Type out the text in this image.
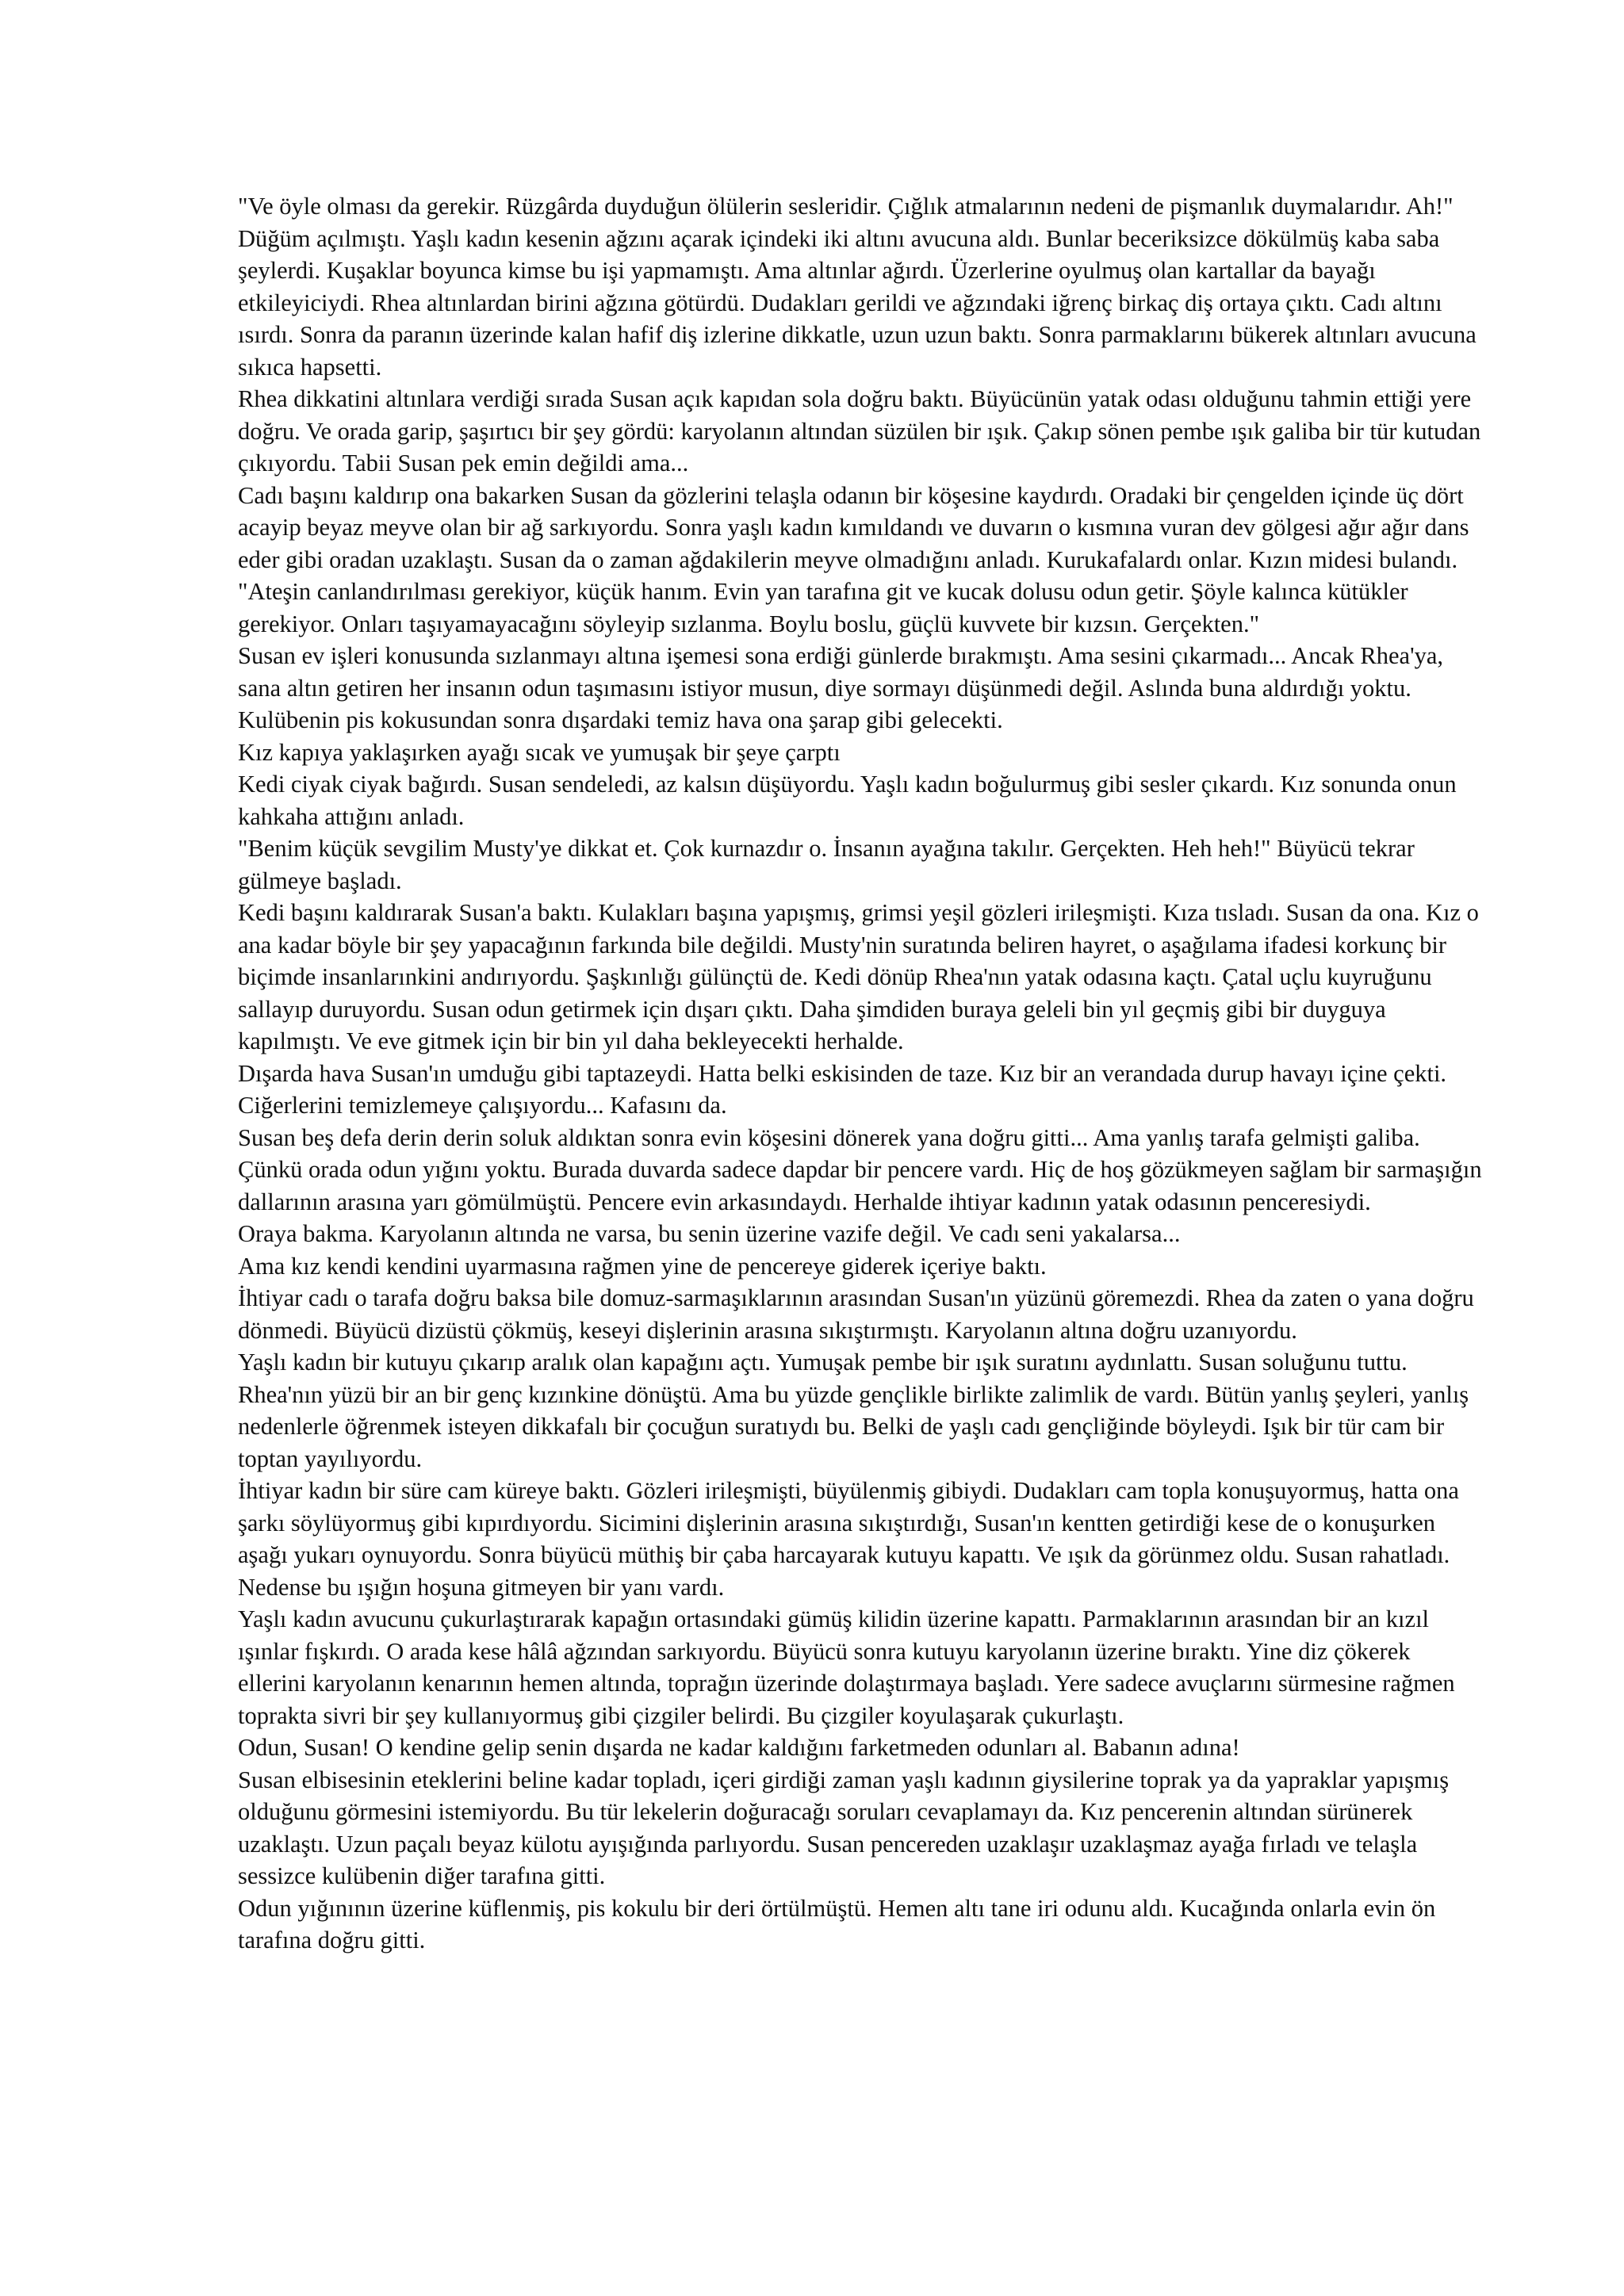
"Ve öyle olması da gerekir. Rüzgârda duyduğun ölülerin sesleridir. Çığlık atmalarının nedeni de pişmanlık duymalarıdır. Ah!"

Düğüm açılmıştı. Yaşlı kadın kesenin ağzını açarak içindeki iki altını avucuna aldı. Bunlar beceriksizce dökülmüş kaba saba şeylerdi. Kuşaklar boyunca kimse bu işi yapmamıştı. Ama altınlar ağırdı. Üzerlerine oyulmuş olan kartallar da bayağı etkileyiciydi. Rhea altınlardan birini ağzına götürdü. Dudakları gerildi ve ağzındaki iğrenç birkaç diş ortaya çıktı. Cadı altını ısırdı. Sonra da paranın üzerinde kalan hafif diş izlerine dikkatle, uzun uzun baktı. Sonra parmaklarını bükerek altınları avucuna sıkıca hapsetti.

Rhea dikkatini altınlara verdiği sırada Susan açık kapıdan sola doğru baktı. Büyücünün yatak odası olduğunu tahmin ettiği yere doğru. Ve orada garip, şaşırtıcı bir şey gördü: karyolanın altından süzülen bir ışık. Çakıp sönen pembe ışık galiba bir tür kutudan çıkıyordu. Tabii Susan pek emin değildi ama...

Cadı başını kaldırıp ona bakarken Susan da gözlerini telaşla odanın bir köşesine kaydırdı. Oradaki bir çengelden içinde üç dört acayip beyaz meyve olan bir ağ sarkıyordu. Sonra yaşlı kadın kımıldandı ve duvarın o kısmına vuran dev gölgesi ağır ağır dans eder gibi oradan uzaklaştı. Susan da o zaman ağdakilerin meyve olmadığını anladı. Kurukafalardı onlar. Kızın midesi bulandı.

"Ateşin canlandırılması gerekiyor, küçük hanım. Evin yan tarafına git ve kucak dolusu odun getir. Şöyle kalınca kütükler gerekiyor. Onları taşıyamayacağını söyleyip sızlanma. Boylu boslu, güçlü kuvvete bir kızsın. Gerçekten."

Susan ev işleri konusunda sızlanmayı altına işemesi sona erdiği günlerde bırakmıştı. Ama sesini çıkarmadı... Ancak Rhea'ya, sana altın getiren her insanın odun taşımasını istiyor musun, diye sormayı düşünmedi değil. Aslında buna aldırdığı yoktu. Kulübenin pis kokusundan sonra dışardaki temiz hava ona şarap gibi gelecekti.

Kız kapıya yaklaşırken ayağı sıcak ve yumuşak bir şeye çarptı

Kedi ciyak ciyak bağırdı. Susan sendeledi, az kalsın düşüyordu. Yaşlı kadın boğulurmuş gibi sesler çıkardı. Kız sonunda onun kahkaha attığını anladı.

"Benim küçük sevgilim Musty'ye dikkat et. Çok kurnazdır o. İnsanın ayağına takılır. Gerçekten. Heh heh!" Büyücü tekrar gülmeye başladı.

Kedi başını kaldırarak Susan'a baktı. Kulakları başına yapışmış, grimsi yeşil gözleri irileşmişti. Kıza tısladı. Susan da ona. Kız o ana kadar böyle bir şey yapacağının farkında bile değildi. Musty'nin suratında beliren hayret, o aşağılama ifadesi korkunç bir biçimde insanlarınkini andırıyordu. Şaşkınlığı gülünçtü de. Kedi dönüp Rhea'nın yatak odasına kaçtı. Çatal uçlu kuyruğunu sallayıp duruyordu. Susan odun getirmek için dışarı çıktı. Daha şimdiden buraya geleli bin yıl geçmiş gibi bir duyguya kapılmıştı. Ve eve gitmek için bir bin yıl daha bekleyecekti herhalde.

Dışarda hava Susan'ın umduğu gibi taptazeydi. Hatta belki eskisinden de taze. Kız bir an verandada durup havayı içine çekti. Ciğerlerini temizlemeye çalışıyordu... Kafasını da.

Susan beş defa derin derin soluk aldıktan sonra evin köşesini dönerek yana doğru gitti... Ama yanlış tarafa gelmişti galiba. Çünkü orada odun yığını yoktu. Burada duvarda sadece dapdar bir pencere vardı. Hiç de hoş gözükmeyen sağlam bir sarmaşığın dallarının arasına yarı gömülmüştü. Pencere evin arkasındaydı. Herhalde ihtiyar kadının yatak odasının penceresiydi.

Oraya bakma. Karyolanın altında ne varsa, bu senin üzerine vazife değil. Ve cadı seni yakalarsa...

Ama kız kendi kendini uyarmasına rağmen yine de pencereye giderek içeriye baktı.

İhtiyar cadı o tarafa doğru baksa bile domuz-sarmaşıklarının arasından Susan'ın yüzünü göremezdi. Rhea da zaten o yana doğru dönmedi. Büyücü dizüstü çökmüş, keseyi dişlerinin arasına sıkıştırmıştı. Karyolanın altına doğru uzanıyordu.

Yaşlı kadın bir kutuyu çıkarıp aralık olan kapağını açtı. Yumuşak pembe bir ışık suratını aydınlattı. Susan soluğunu tuttu. Rhea'nın yüzü bir an bir genç kızınkine dönüştü. Ama bu yüzde gençlikle birlikte zalimlik de vardı. Bütün yanlış şeyleri, yanlış nedenlerle öğrenmek isteyen dikkafalı bir çocuğun suratıydı bu. Belki de yaşlı cadı gençliğinde böyleydi. Işık bir tür cam bir toptan yayılıyordu.

İhtiyar kadın bir süre cam küreye baktı. Gözleri irileşmişti, büyülenmiş gibiydi. Dudakları cam topla konuşuyormuş, hatta ona şarkı söylüyormuş gibi kıpırdıyordu. Sicimini dişlerinin arasına sıkıştırdığı, Susan'ın kentten getirdiği kese de o konuşurken aşağı yukarı oynuyordu. Sonra büyücü müthiş bir çaba harcayarak kutuyu kapattı. Ve ışık da görünmez oldu. Susan rahatladı. Nedense bu ışığın hoşuna gitmeyen bir yanı vardı.

Yaşlı kadın avucunu çukurlaştırarak kapağın ortasındaki gümüş kilidin üzerine kapattı. Parmaklarının arasından bir an kızıl ışınlar fışkırdı. O arada kese hâlâ ağzından sarkıyordu. Büyücü sonra kutuyu karyolanın üzerine bıraktı. Yine diz çökerek ellerini karyolanın kenarının hemen altında, toprağın üzerinde dolaştırmaya başladı. Yere sadece avuçlarını sürmesine rağmen toprakta sivri bir şey kullanıyormuş gibi çizgiler belirdi. Bu çizgiler koyulaşarak çukurlaştı.

Odun, Susan! O kendine gelip senin dışarda ne kadar kaldığını farketmeden odunları al. Babanın adına!

Susan elbisesinin eteklerini beline kadar topladı, içeri girdiği zaman yaşlı kadının giysilerine toprak ya da yapraklar yapışmış olduğunu görmesini istemiyordu. Bu tür lekelerin doğuracağı soruları cevaplamayı da. Kız pencerenin altından sürünerek uzaklaştı. Uzun paçalı beyaz külotu ayışığında parlıyordu. Susan pencereden uzaklaşır uzaklaşmaz ayağa fırladı ve telaşla sessizce kulübenin diğer tarafına gitti.

Odun yığınının üzerine küflenmiş, pis kokulu bir deri örtülmüştü. Hemen altı tane iri odunu aldı. Kucağında onlarla evin ön tarafına doğru gitti.
